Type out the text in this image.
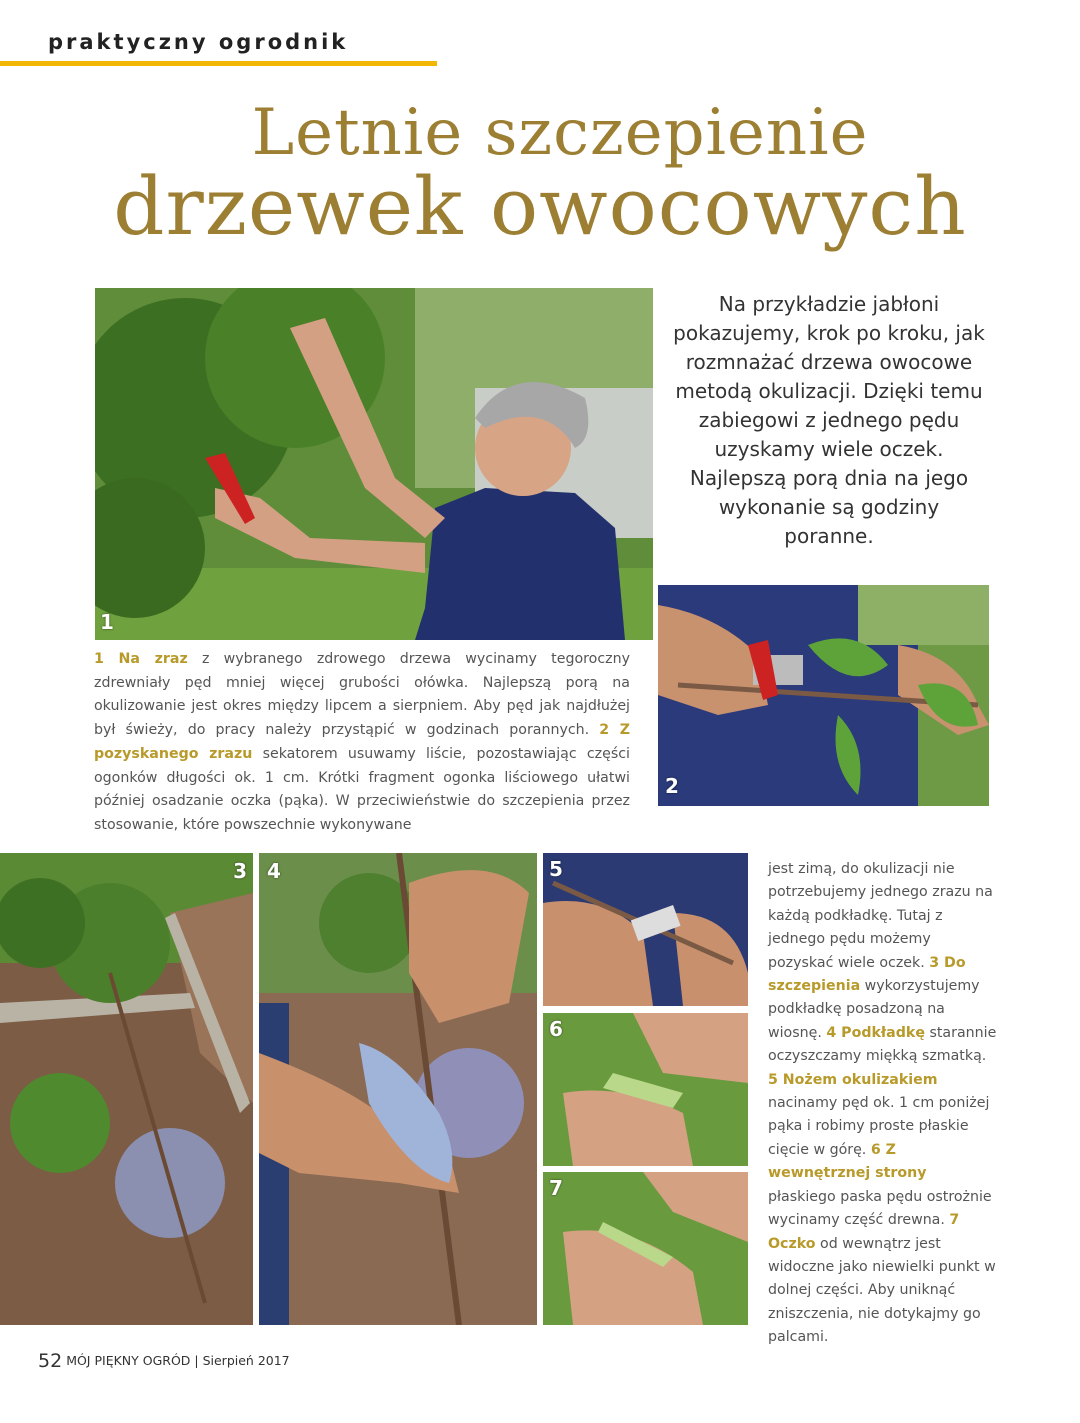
praktyczny ogrodnik
Letnie szczepienie
drzewek owocowych
1
Na przykładzie jabłoni pokazujemy, krok po kroku, jak rozmnażać drzewa owocowe metodą okulizacji. Dzięki temu zabiegowi z jednego pędu uzyskamy wiele oczek. Najlepszą porą dnia na jego wykonanie są godziny poranne.
2
1 Na zraz z wybranego zdrowego drzewa wycinamy tegoroczny zdrewniały pęd mniej więcej grubości ołówka. Najlepszą porą na okulizowanie jest okres między lipcem a sierpniem. Aby pęd jak najdłużej był świeży, do pracy należy przystąpić w godzinach porannych. 2 Z pozyskanego zrazu sekatorem usuwamy liście, pozostawiając części ogonków długości ok. 1 cm. Krótki fragment ogonka liściowego ułatwi później osadzanie oczka (pąka). W przeciwieństwie do szczepienia przez stosowanie, które powszechnie wykonywane
3 4	5
6
7
jest zimą, do okulizacji nie potrzebujemy jednego zrazu na każdą podkładkę. Tutaj z jednego pędu możemy pozyskać wiele oczek. 3 Do szczepienia wykorzystujemy podkładkę posadzoną na wiosnę. 4 Podkładkę starannie oczyszczamy miękką szmatką. 5 Nożem okulizakiem nacinamy pęd ok. 1 cm poniżej pąka i robimy proste płaskie cięcie w górę. 6 Z wewnętrznej strony płaskiego paska pędu ostrożnie wycinamy część drewna. 7 Oczko od wewnątrz jest widoczne jako niewielki punkt w dolnej części. Aby uniknąć zniszczenia, nie dotykajmy go palcami.
52 MÓJ PIĘKNY OGRÓD | Sierpień 2017
